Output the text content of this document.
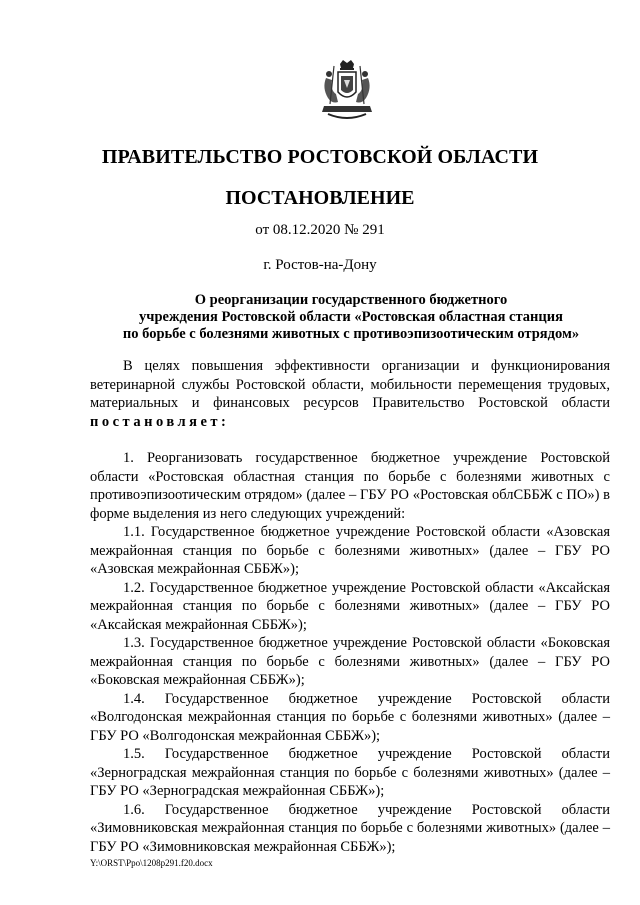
ПРАВИТЕЛЬСТВО РОСТОВСКОЙ ОБЛАСТИ
ПОСТАНОВЛЕНИЕ
от 08.12.2020 № 291
г. Ростов-на-Дону
О реорганизации государственного бюджетного
учреждения Ростовской области «Ростовская областная станция
по борьбе с болезнями животных с противоэпизоотическим отрядом»

В целях повышения эффективности организации и функционирования ветеринарной службы Ростовской области, мобильности перемещения трудовых, материальных и финансовых ресурсов Правительство Ростовской области постановляет:

1. Реорганизовать государственное бюджетное учреждение Ростовской области «Ростовская областная станция по борьбе с болезнями животных с противоэпизоотическим отрядом» (далее – ГБУ РО «Ростовская облСББЖ с ПО») в форме выделения из него следующих учреждений:

1.1. Государственное бюджетное учреждение Ростовской области «Азовская межрайонная станция по борьбе с болезнями животных» (далее – ГБУ РО «Азовская межрайонная СББЖ»);

1.2. Государственное бюджетное учреждение Ростовской области «Аксайская межрайонная станция по борьбе с болезнями животных» (далее – ГБУ РО «Аксайская межрайонная СББЖ»);

1.3. Государственное бюджетное учреждение Ростовской области «Боковская межрайонная станция по борьбе с болезнями животных» (далее – ГБУ РО «Боковская межрайонная СББЖ»);

1.4. Государственное бюджетное учреждение Ростовской области «Волгодонская межрайонная станция по борьбе с болезнями животных» (далее – ГБУ РО «Волгодонская межрайонная СББЖ»);

1.5. Государственное бюджетное учреждение Ростовской области «Зерноградская межрайонная станция по борьбе с болезнями животных» (далее – ГБУ РО «Зерноградская межрайонная СББЖ»);

1.6. Государственное бюджетное учреждение Ростовской области «Зимовниковская межрайонная станция по борьбе с болезнями животных» (далее – ГБУ РО «Зимовниковская межрайонная СББЖ»);

Y:\ORST\Ppo\1208p291.f20.docx
